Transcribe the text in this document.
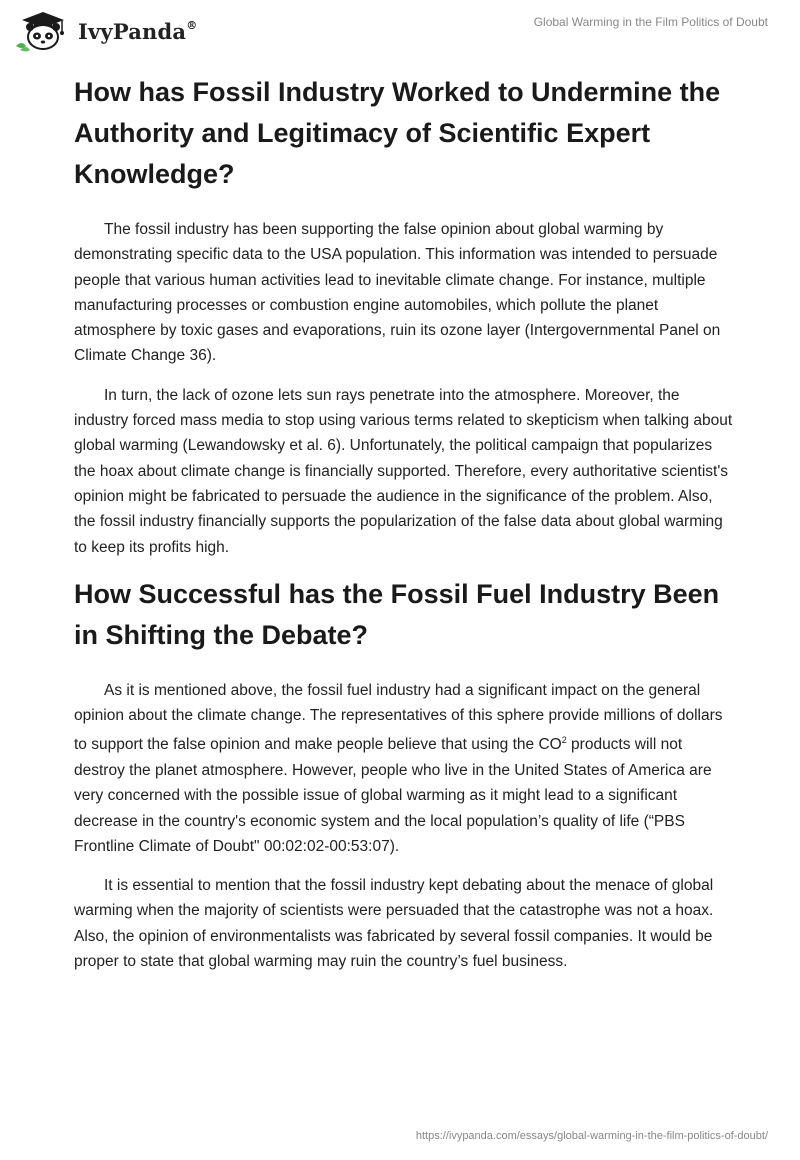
IvyPanda®	Global Warming in the Film Politics of Doubt
How has Fossil Industry Worked to Undermine the Authority and Legitimacy of Scientific Expert Knowledge?

The fossil industry has been supporting the false opinion about global warming by demonstrating specific data to the USA population. This information was intended to persuade people that various human activities lead to inevitable climate change. For instance, multiple manufacturing processes or combustion engine automobiles, which pollute the planet atmosphere by toxic gases and evaporations, ruin its ozone layer (Intergovernmental Panel on Climate Change 36).

In turn, the lack of ozone lets sun rays penetrate into the atmosphere. Moreover, the industry forced mass media to stop using various terms related to skepticism when talking about global warming (Lewandowsky et al. 6). Unfortunately, the political campaign that popularizes the hoax about climate change is financially supported. Therefore, every authoritative scientist's opinion might be fabricated to persuade the audience in the significance of the problem. Also, the fossil industry financially supports the popularization of the false data about global warming to keep its profits high.

How Successful has the Fossil Fuel Industry Been in Shifting the Debate?

As it is mentioned above, the fossil fuel industry had a significant impact on the general opinion about the climate change. The representatives of this sphere provide millions of dollars to support the false opinion and make people believe that using the $CO^2$ products will not destroy the planet atmosphere. However, people who live in the United States of America are very concerned with the possible issue of global warming as it might lead to a significant decrease in the country's economic system and the local population’s quality of life (“PBS Frontline Climate of Doubt" 00:02:02-00:53:07).

It is essential to mention that the fossil industry kept debating about the menace of global warming when the majority of scientists were persuaded that the catastrophe was not a hoax. Also, the opinion of environmentalists was fabricated by several fossil companies. It would be proper to state that global warming may ruin the country’s fuel business.

https://ivypanda.com/essays/global-warming-in-the-film-politics-of-doubt/
